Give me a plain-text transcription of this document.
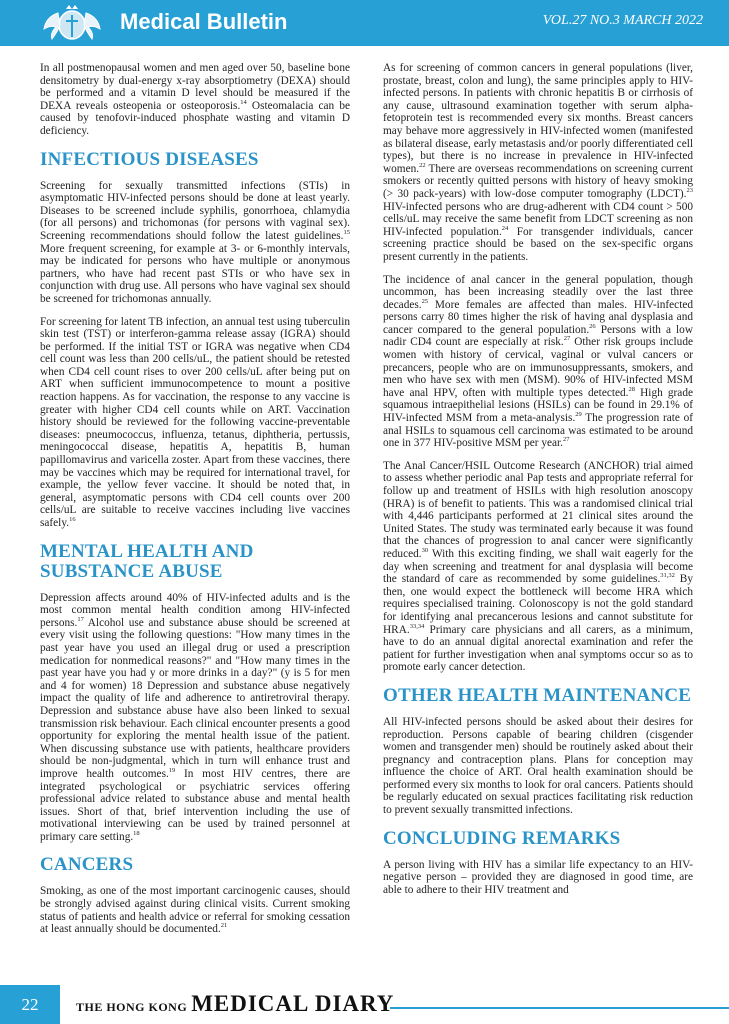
Medical Bulletin	VOL.27 NO.3 MARCH 2022

In all postmenopausal women and men aged over 50, baseline bone densitometry by dual-energy x-ray absorptiometry (DEXA) should be performed and a vitamin D level should be measured if the DEXA reveals osteopenia or osteoporosis.$^{14}$ Osteomalacia can be caused by tenofovir-induced phosphate wasting and vitamin D deficiency.

INFECTIOUS DISEASES

Screening for sexually transmitted infections (STIs) in asymptomatic HIV-infected persons should be done at least yearly. Diseases to be screened include syphilis, gonorrhoea, chlamydia (for all persons) and trichomonas (for persons with vaginal sex). Screening recommendations should follow the latest guidelines.$^{15}$ More frequent screening, for example at 3- or 6-monthly intervals, may be indicated for persons who have multiple or anonymous partners, who have had recent past STIs or who have sex in conjunction with drug use. All persons who have vaginal sex should be screened for trichomonas annually.

For screening for latent TB infection, an annual test using tuberculin skin test (TST) or interferon-gamma release assay (IGRA) should be performed. If the initial TST or IGRA was negative when CD4 cell count was less than 200 cells/uL, the patient should be retested when CD4 cell count rises to over 200 cells/uL after being put on ART when sufficient immunocompetence to mount a positive reaction happens. As for vaccination, the response to any vaccine is greater with higher CD4 cell counts while on ART. Vaccination history should be reviewed for the following vaccine-preventable diseases: pneumococcus, influenza, tetanus, diphtheria, pertussis, meningococcal disease, hepatitis A, hepatitis B, human papillomavirus and varicella zoster. Apart from these vaccines, there may be vaccines which may be required for international travel, for example, the yellow fever vaccine. It should be noted that, in general, asymptomatic persons with CD4 cell counts over 200 cells/uL are suitable to receive vaccines including live vaccines safely.$^{16}$

MENTAL HEALTH AND SUBSTANCE ABUSE

Depression affects around 40% of HIV-infected adults and is the most common mental health condition among HIV-infected persons.$^{17}$ Alcohol use and substance abuse should be screened at every visit using the following questions: "How many times in the past year have you used an illegal drug or used a prescription medication for nonmedical reasons?" and "How many times in the past year have you had y or more drinks in a day?" (y is 5 for men and 4 for women) 18 Depression and substance abuse negatively impact the quality of life and adherence to antiretroviral therapy. Depression and substance abuse have also been linked to sexual transmission risk behaviour. Each clinical encounter presents a good opportunity for exploring the mental health issue of the patient. When discussing substance use with patients, healthcare providers should be non-judgmental, which in turn will enhance trust and improve health outcomes.$^{19}$ In most HIV centres, there are integrated psychological or psychiatric services offering professional advice related to substance abuse and mental health issues. Short of that, brief intervention including the use of motivational interviewing can be used by trained personnel at primary care setting.$^{18}$

CANCERS

Smoking, as one of the most important carcinogenic causes, should be strongly advised against during clinical visits. Current smoking status of patients and health advice or referral for smoking cessation at least annually should be documented.$^{21}$

As for screening of common cancers in general populations (liver, prostate, breast, colon and lung), the same principles apply to HIV-infected persons. In patients with chronic hepatitis B or cirrhosis of any cause, ultrasound examination together with serum alpha-fetoprotein test is recommended every six months. Breast cancers may behave more aggressively in HIV-infected women (manifested as bilateral disease, early metastasis and/or poorly differentiated cell types), but there is no increase in prevalence in HIV-infected women.$^{22}$ There are overseas recommendations on screening current smokers or recently quitted persons with history of heavy smoking (> 30 pack-years) with low-dose computer tomography (LDCT).$^{23}$ HIV-infected persons who are drug-adherent with CD4 count > 500 cells/uL may receive the same benefit from LDCT screening as non HIV-infected population.$^{24}$ For transgender individuals, cancer screening practice should be based on the sex-specific organs present currently in the patients.

The incidence of anal cancer in the general population, though uncommon, has been increasing steadily over the last three decades.$^{25}$ More females are affected than males. HIV-infected persons carry 80 times higher the risk of having anal dysplasia and cancer compared to the general population.$^{26}$ Persons with a low nadir CD4 count are especially at risk.$^{27}$ Other risk groups include women with history of cervical, vaginal or vulval cancers or precancers, people who are on immunosuppressants, smokers, and men who have sex with men (MSM). 90% of HIV-infected MSM have anal HPV, often with multiple types detected.$^{28}$ High grade squamous intraepithelial lesions (HSILs) can be found in 29.1% of HIV-infected MSM from a meta-analysis.$^{29}$ The progression rate of anal HSILs to squamous cell carcinoma was estimated to be around one in 377 HIV-positive MSM per year.$^{27}$

The Anal Cancer/HSIL Outcome Research (ANCHOR) trial aimed to assess whether periodic anal Pap tests and appropriate referral for follow up and treatment of HSILs with high resolution anoscopy (HRA) is of benefit to patients. This was a randomised clinical trial with 4,446 participants performed at 21 clinical sites around the United States. The study was terminated early because it was found that the chances of progression to anal cancer were significantly reduced.$^{30}$ With this exciting finding, we shall wait eagerly for the day when screening and treatment for anal dysplasia will become the standard of care as recommended by some guidelines.$^{31,32}$ By then, one would expect the bottleneck will become HRA which requires specialised training. Colonoscopy is not the gold standard for identifying anal precancerous lesions and cannot substitute for HRA.$^{33,34}$ Primary care physicians and all carers, as a minimum, have to do an annual digital anorectal examination and refer the patient for further investigation when anal symptoms occur so as to promote early cancer detection.

OTHER HEALTH MAINTENANCE

All HIV-infected persons should be asked about their desires for reproduction. Persons capable of bearing children (cisgender women and transgender men) should be routinely asked about their pregnancy and contraception plans. Plans for conception may influence the choice of ART. Oral health examination should be performed every six months to look for oral cancers. Patients should be regularly educated on sexual practices facilitating risk reduction to prevent sexually transmitted infections.

CONCLUDING REMARKS

A person living with HIV has a similar life expectancy to an HIV-negative person – provided they are diagnosed in good time, are able to adhere to their HIV treatment and

22	THE HONG KONG MEDICAL DIARY
